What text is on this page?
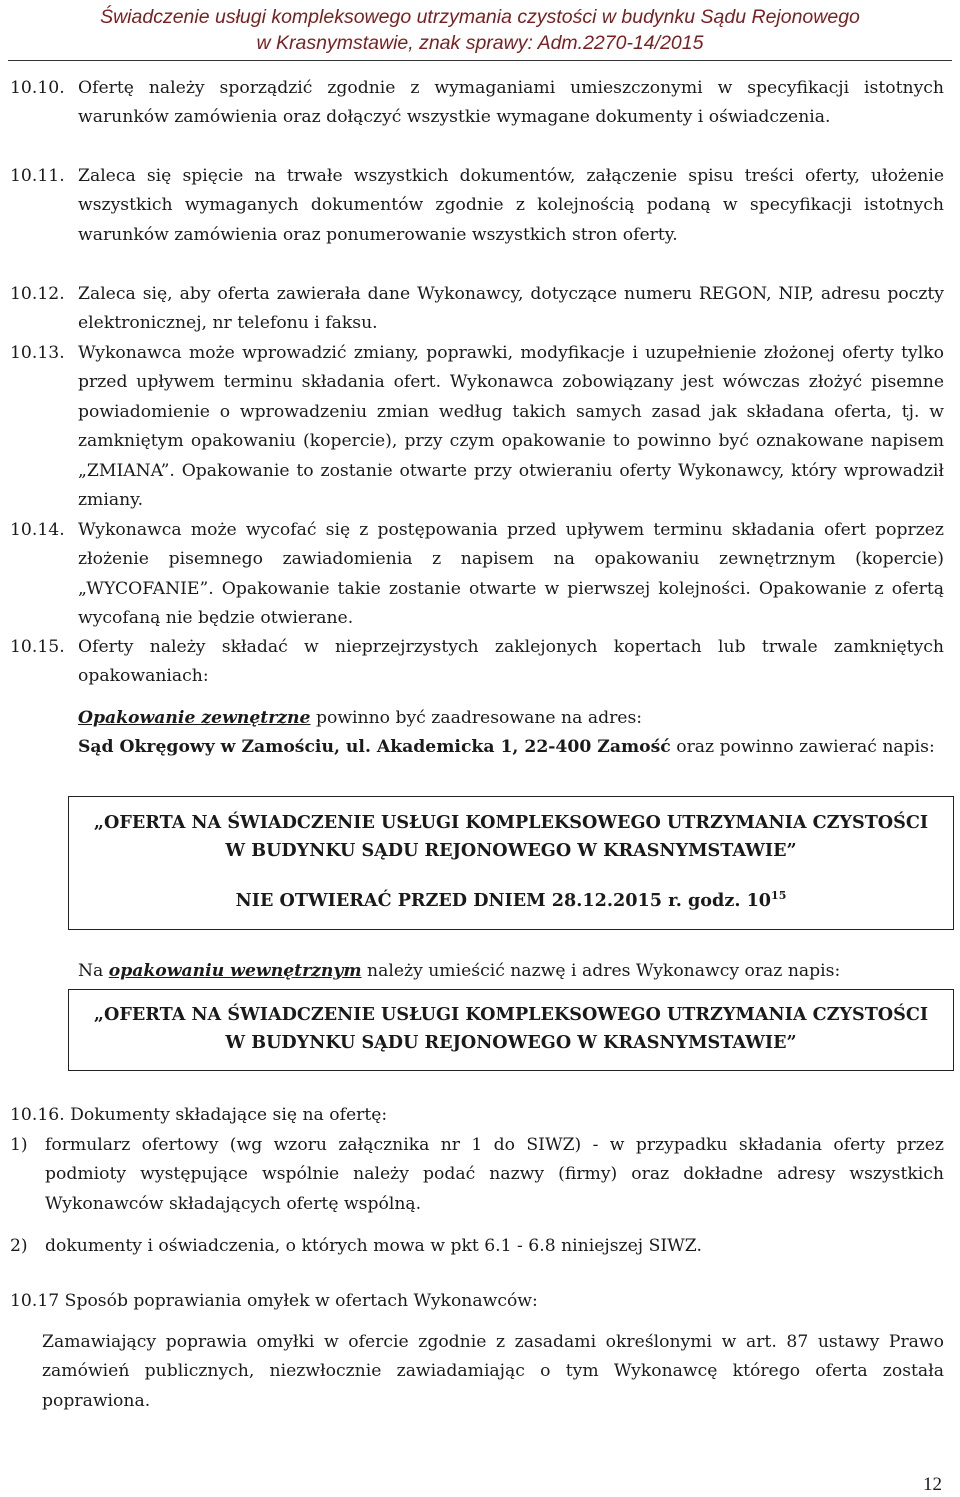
Świadczenie usługi kompleksowego utrzymania czystości w budynku Sądu Rejonowego
w Krasnymstawie, znak sprawy: Adm.2270-14/2015
10.10. Ofertę należy sporządzić zgodnie z wymaganiami umieszczonymi w specyfikacji istotnych warunków zamówienia oraz dołączyć wszystkie wymagane dokumenty i oświadczenia.
10.11. Zaleca się spięcie na trwałe wszystkich dokumentów, załączenie spisu treści oferty, ułożenie wszystkich wymaganych dokumentów zgodnie z kolejnością podaną w specyfikacji istotnych warunków zamówienia oraz ponumerowanie wszystkich stron oferty.
10.12. Zaleca się, aby oferta zawierała dane Wykonawcy, dotyczące numeru REGON, NIP, adresu poczty elektronicznej, nr telefonu i faksu.
10.13. Wykonawca może wprowadzić zmiany, poprawki, modyfikacje i uzupełnienie złożonej oferty tylko przed upływem terminu składania ofert. Wykonawca zobowiązany jest wówczas złożyć pisemne powiadomienie o wprowadzeniu zmian według takich samych zasad jak składana oferta, tj. w zamkniętym opakowaniu (kopercie), przy czym opakowanie to powinno być oznakowane napisem „ZMIANA”. Opakowanie to zostanie otwarte przy otwieraniu oferty Wykonawcy, który wprowadził zmiany.
10.14. Wykonawca może wycofać się z postępowania przed upływem terminu składania ofert poprzez złożenie pisemnego zawiadomienia z napisem na opakowaniu zewnętrznym (kopercie) „WYCOFANIE”. Opakowanie takie zostanie otwarte w pierwszej kolejności. Opakowanie z ofertą wycofaną nie będzie otwierane.
10.15. Oferty należy składać w nieprzejrzystych zaklejonych kopertach lub trwale zamkniętych opakowaniach:
Opakowanie zewnętrzne powinno być zaadresowane na adres:
Sąd Okręgowy w Zamościu, ul. Akademicka 1, 22-400 Zamość oraz powinno zawierać napis:
„OFERTA NA ŚWIADCZENIE USŁUGI KOMPLEKSOWEGO UTRZYMANIA CZYSTOŚCI
W BUDYNKU SĄDU REJONOWEGO W KRASNYMSTAWIE”
NIE OTWIERAĆ PRZED DNIEM 28.12.2015 r. godz. $10^{15}$
Na opakowaniu wewnętrznym należy umieścić nazwę i adres Wykonawcy oraz napis:
„OFERTA NA ŚWIADCZENIE USŁUGI KOMPLEKSOWEGO UTRZYMANIA CZYSTOŚCI
W BUDYNKU SĄDU REJONOWEGO W KRASNYMSTAWIE”
10.16. Dokumenty składające się na ofertę:
1) formularz ofertowy (wg wzoru załącznika nr 1 do SIWZ) - w przypadku składania oferty przez podmioty występujące wspólnie należy podać nazwy (firmy) oraz dokładne adresy wszystkich Wykonawców składających ofertę wspólną.
2) dokumenty i oświadczenia, o których mowa w pkt 6.1 - 6.8 niniejszej SIWZ.
10.17 Sposób poprawiania omyłek w ofertach Wykonawców:
Zamawiający poprawia omyłki w ofercie zgodnie z zasadami określonymi w art. 87 ustawy Prawo zamówień publicznych, niezwłocznie zawiadamiając o tym Wykonawcę którego oferta została poprawiona.
12
